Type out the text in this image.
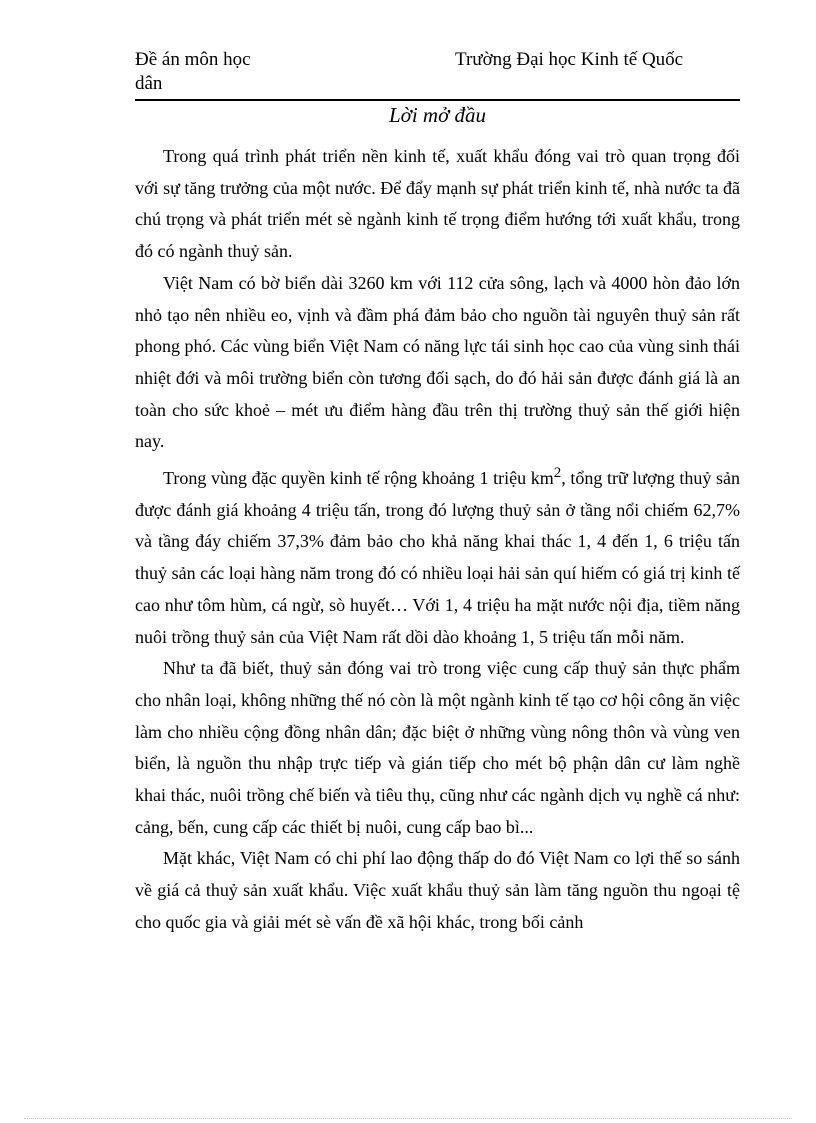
Đề án môn học	Trường Đại học Kinh tế Quốc
dân
Lời mở đầu

Trong quá trình phát triển nền kinh tế, xuất khẩu đóng vai trò quan trọng đối với sự tăng trưởng của một nước. Để đẩy mạnh sự phát triển kinh tế, nhà nước ta đã chú trọng và phát triển mét sè ngành kinh tế trọng điểm hướng tới xuất khẩu, trong đó có ngành thuỷ sản.

Việt Nam có bờ biển dài 3260 km với 112 cửa sông, lạch và 4000 hòn đảo lớn nhỏ tạo nên nhiều eo, vịnh và đầm phá đảm bảo cho nguồn tài nguyên thuỷ sản rất phong phó. Các vùng biển Việt Nam có năng lực tái sinh học cao của vùng sinh thái nhiệt đới và môi trường biển còn tương đối sạch, do đó hải sản được đánh giá là an toàn cho sức khoẻ – mét ưu điểm hàng đầu trên thị trường thuỷ sản thế giới hiện nay.

Trong vùng đặc quyền kinh tế rộng khoảng 1 triệu $km^2$, tổng trữ lượng thuỷ sản được đánh giá khoảng 4 triệu tấn, trong đó lượng thuỷ sản ở tầng nổi chiếm 62,7% và tầng đáy chiếm 37,3% đảm bảo cho khả năng khai thác 1, 4 đến 1, 6 triệu tấn thuỷ sản các loại hàng năm trong đó có nhiều loại hải sản quí hiếm có giá trị kinh tế cao như tôm hùm, cá ngừ, sò huyết… Với 1, 4 triệu ha mặt nước nội địa, tiềm năng nuôi trồng thuỷ sản của Việt Nam rất dồi dào khoảng 1, 5 triệu tấn mỗi năm.

Như ta đã biết, thuỷ sản đóng vai trò trong việc cung cấp thuỷ sản thực phẩm cho nhân loại, không những thế nó còn là một ngành kinh tế tạo cơ hội công ăn việc làm cho nhiều cộng đồng nhân dân; đặc biệt ở những vùng nông thôn và vùng ven biển, là nguồn thu nhập trực tiếp và gián tiếp cho mét bộ phận dân cư làm nghề khai thác, nuôi trồng chế biến và tiêu thụ, cũng như các ngành dịch vụ nghề cá như: cảng, bến, cung cấp các thiết bị nuôi, cung cấp bao bì...

Mặt khác, Việt Nam có chi phí lao động thấp do đó Việt Nam co lợi thế so sánh về giá cả thuỷ sản xuất khẩu. Việc xuất khẩu thuỷ sản làm tăng nguồn thu ngoại tệ cho quốc gia và giải mét sè vấn đề xã hội khác, trong bối cảnh
